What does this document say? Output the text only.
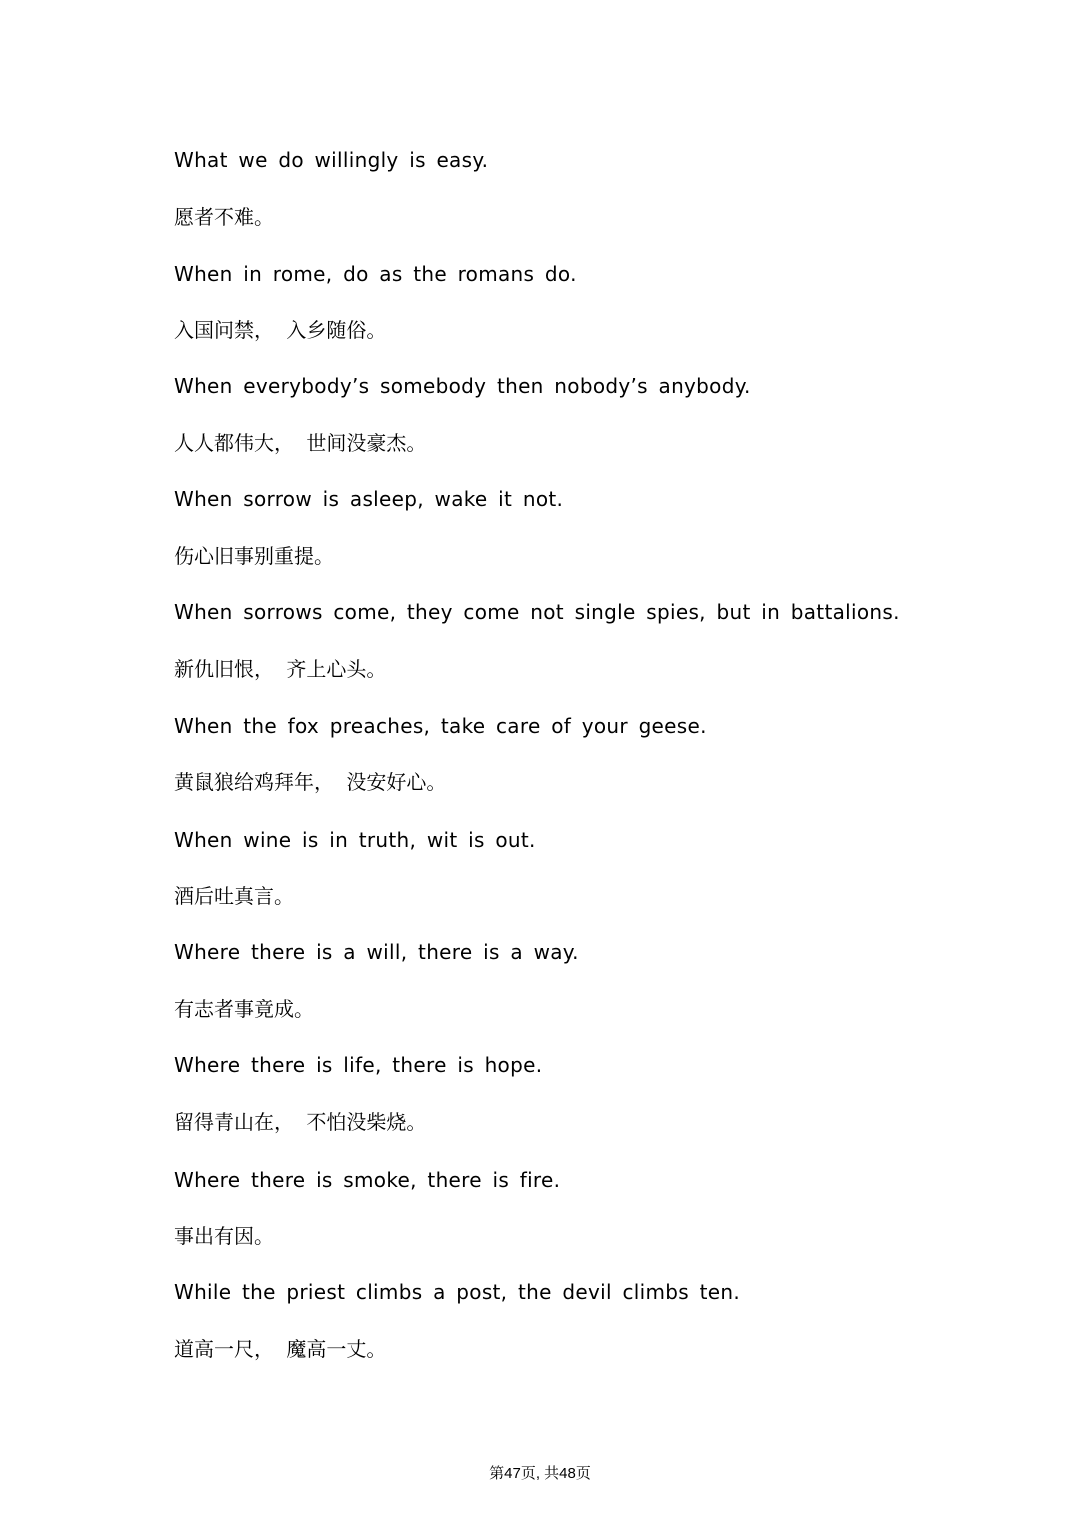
What we do willingly is easy.
愿者不难。
When in rome, do as the romans do.
入国问禁， 入乡随俗。
When everybody’s somebody then nobody’s anybody.
人人都伟大， 世间没豪杰。
When sorrow is asleep, wake it not.
伤心旧事别重提。
When sorrows come, they come not single spies, but in battalions.
新仇旧恨， 齐上心头。
When the fox preaches, take care of your geese.
黄鼠狼给鸡拜年， 没安好心。
When wine is in truth, wit is out.
酒后吐真言。
Where there is a will, there is a way.
有志者事竟成。
Where there is life, there is hope.
留得青山在， 不怕没柴烧。
Where there is smoke, there is fire.
事出有因。
While the priest climbs a post, the devil climbs ten.
道高一尺， 魔高一丈。
第47页, 共48页
